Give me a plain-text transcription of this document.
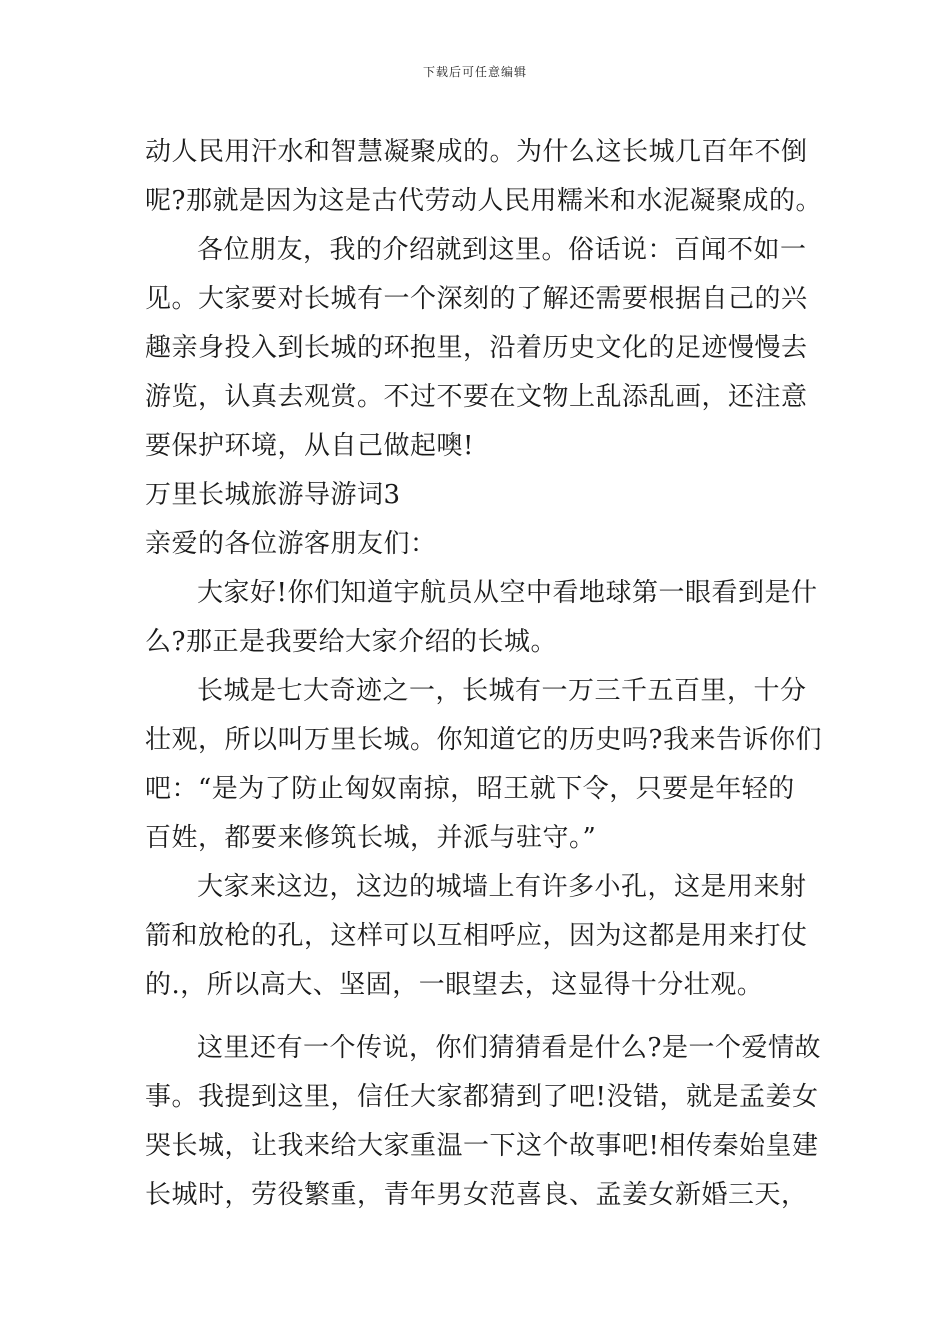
下载后可任意编辑
动人民用汗水和智慧凝聚成的。为什么这长城几百年不倒
呢?那就是因为这是古代劳动人民用糯米和水泥凝聚成的。
各位朋友，我的介绍就到这里。俗话说：百闻不如一
见。大家要对长城有一个深刻的了解还需要根据自己的兴
趣亲身投入到长城的环抱里，沿着历史文化的足迹慢慢去
游览，认真去观赏。不过不要在文物上乱添乱画，还注意
要保护环境，从自己做起噢!
万里长城旅游导游词3
亲爱的各位游客朋友们：
大家好!你们知道宇航员从空中看地球第一眼看到是什
么?那正是我要给大家介绍的长城。
长城是七大奇迹之一，长城有一万三千五百里，十分
壮观，所以叫万里长城。你知道它的历史吗?我来告诉你们
吧：“是为了防止匈奴南掠，昭王就下令，只要是年轻的
百姓，都要来修筑长城，并派与驻守。”
大家来这边，这边的城墙上有许多小孔，这是用来射
箭和放枪的孔，这样可以互相呼应，因为这都是用来打仗
的.，所以高大、坚固，一眼望去，这显得十分壮观。
这里还有一个传说，你们猜猜看是什么?是一个爱情故
事。我提到这里，信任大家都猜到了吧!没错，就是孟姜女
哭长城，让我来给大家重温一下这个故事吧!相传秦始皇建
长城时，劳役繁重，青年男女范喜良、孟姜女新婚三天，
